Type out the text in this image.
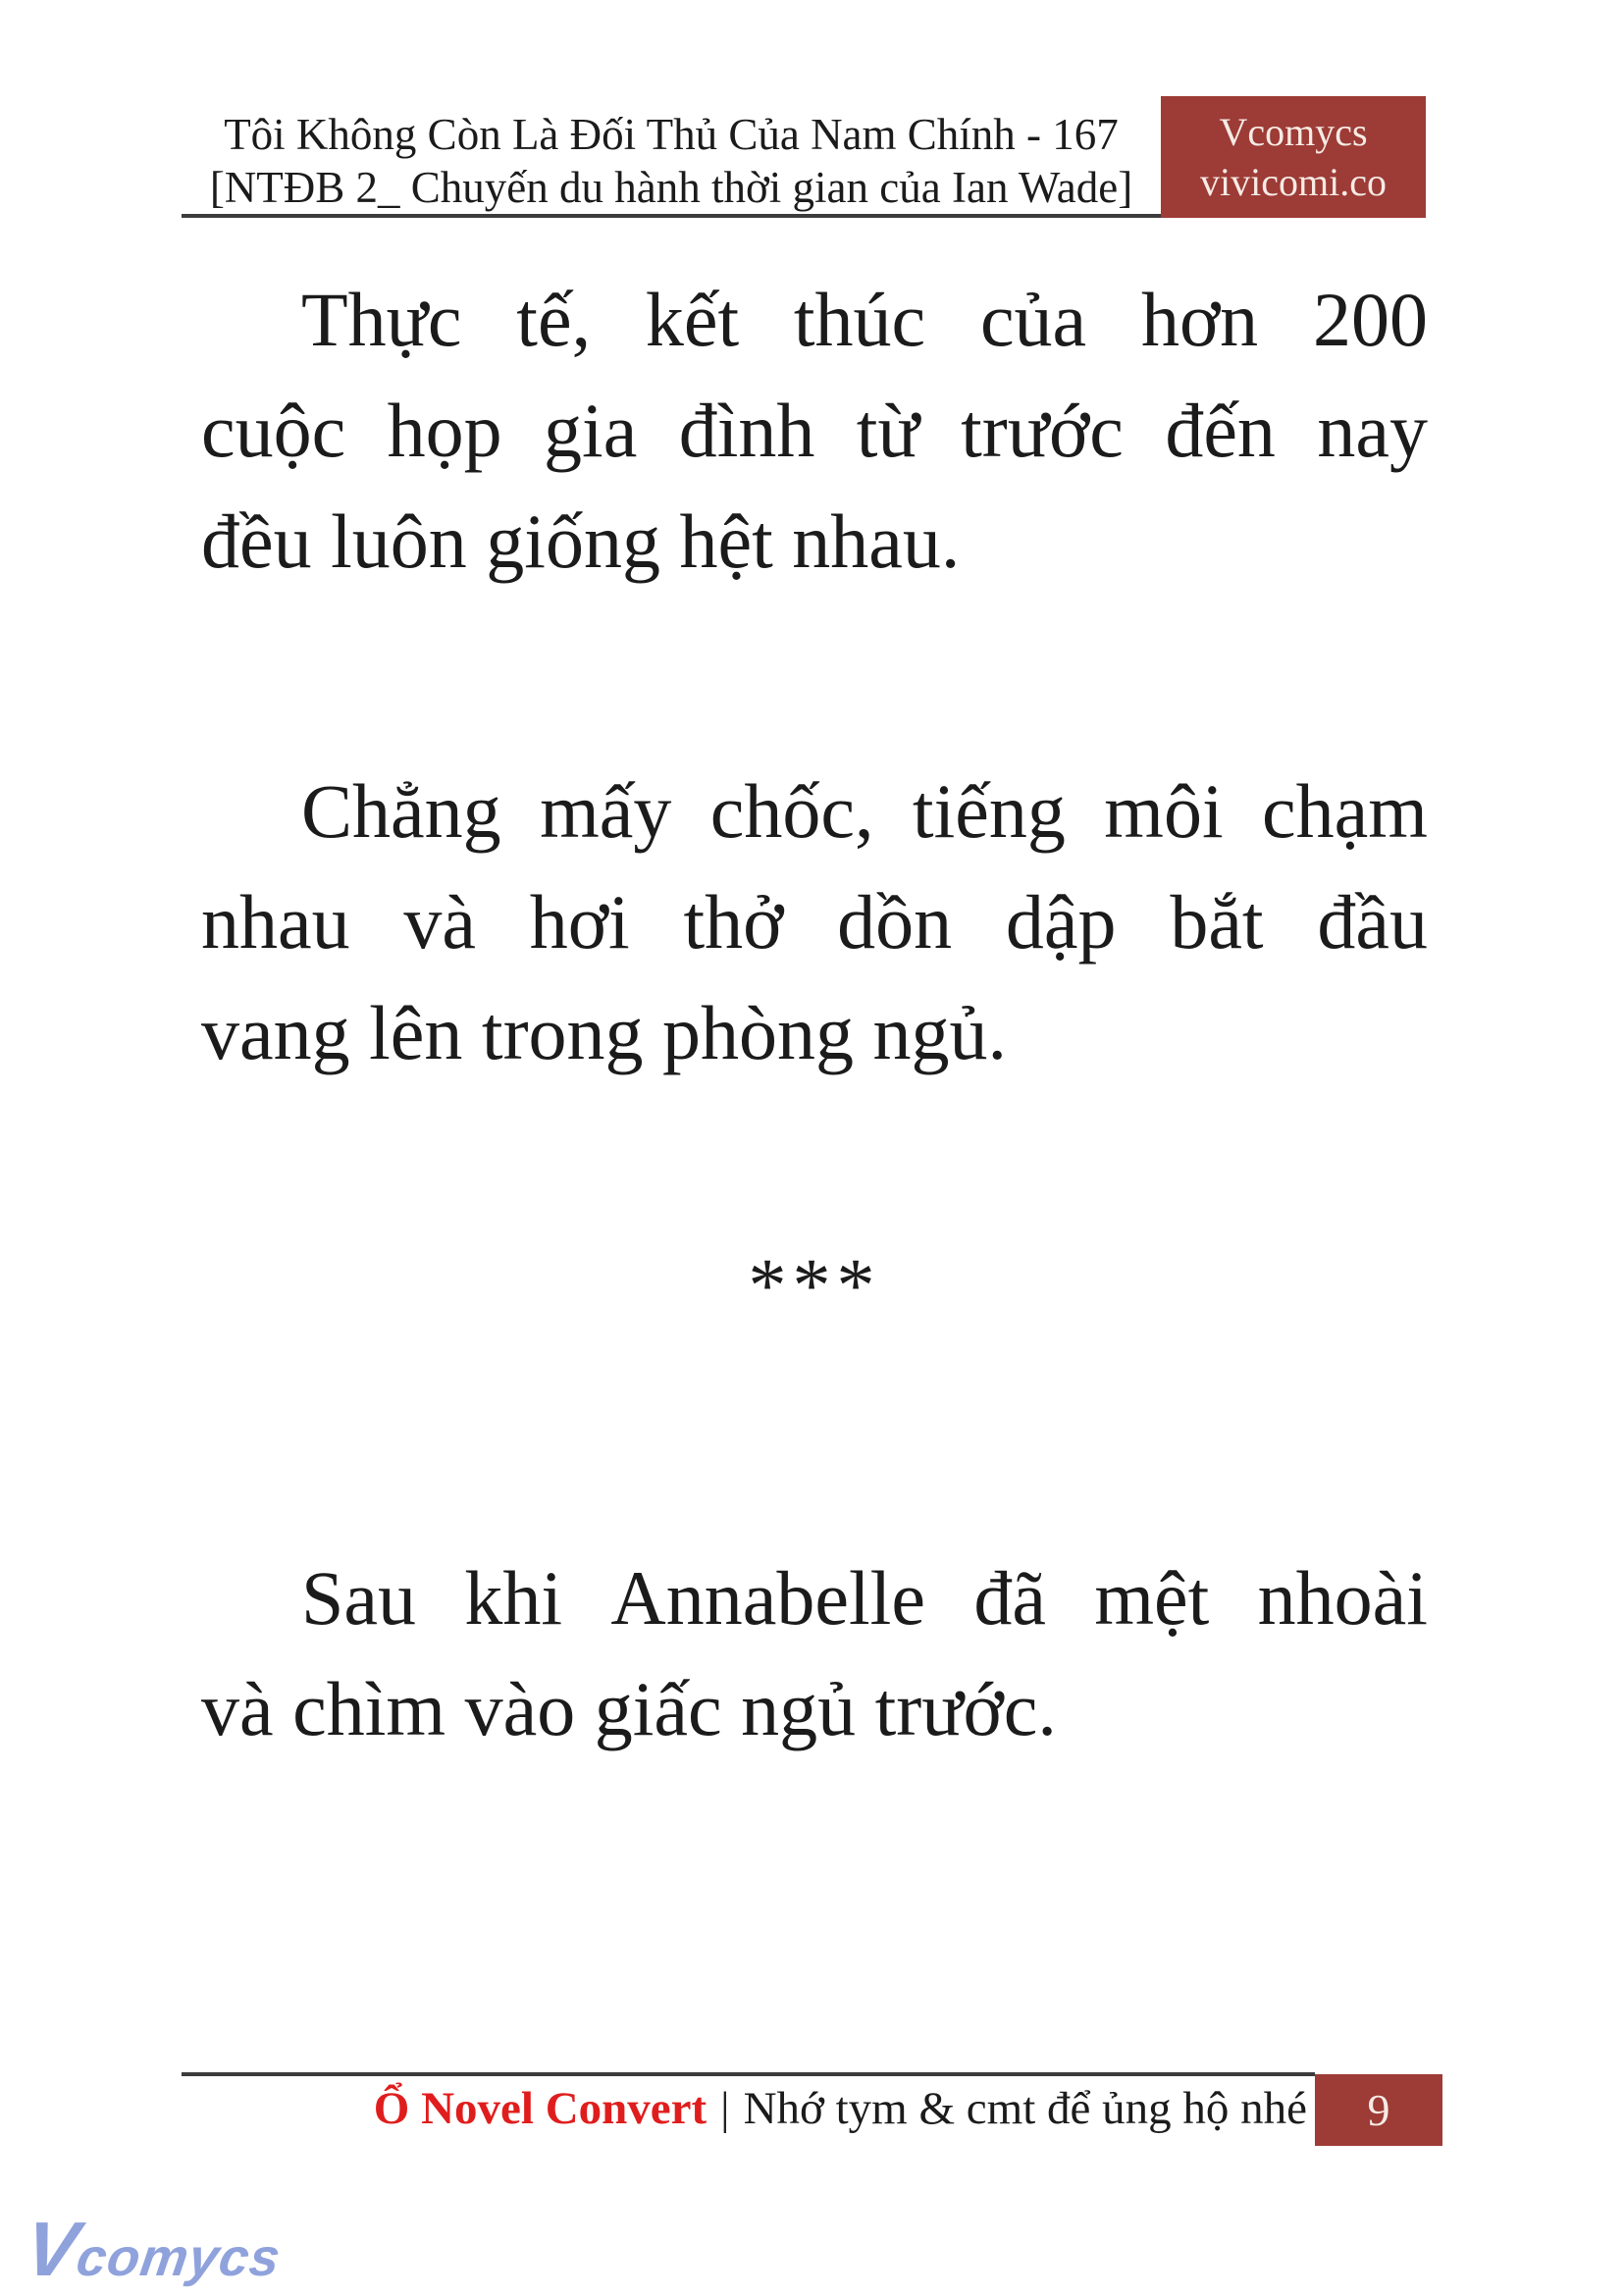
Tôi Không Còn Là Đối Thủ Của Nam Chính - 167
[NTĐB 2_ Chuyến du hành thời gian của Ian Wade]
Vcomycs
vivicomi.co
Thực tế, kết thúc của hơn 200
cuộc họp gia đình từ trước đến nay
đều luôn giống hệt nhau.
Chẳng mấy chốc, tiếng môi chạm
nhau và hơi thở dồn dập bắt đầu
vang lên trong phòng ngủ.
***
Sau khi Annabelle đã mệt nhoài
và chìm vào giấc ngủ trước.
Ổ Novel Convert | Nhớ tym & cmt để ủng hộ nhé 9
Vcomycs
